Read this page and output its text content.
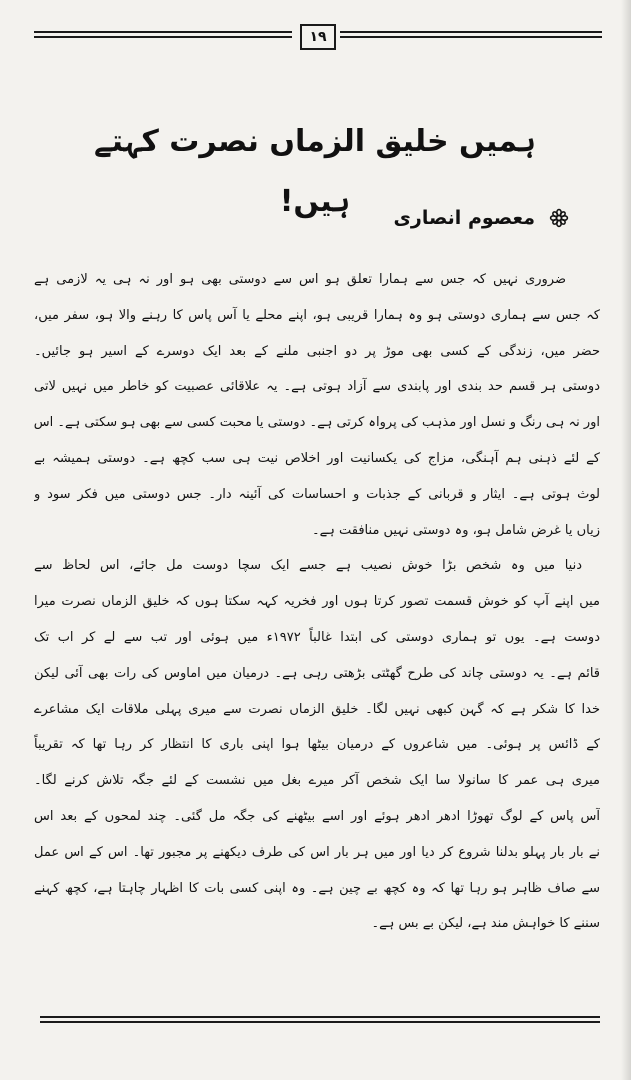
۱۹
ہمیں خلیق الزماں نصرت کہتے ہیں!	معصوم انصاری
ضروری نہیں کہ جس سے ہمارا تعلق ہو اس سے دوستی بھی ہو اور نہ ہی یہ لازمی ہے
کہ جس سے ہماری دوستی ہو وہ ہمارا قریبی ہو، اپنے محلے یا آس پاس کا رہنے والا ہو، سفر میں،
حضر میں، زندگی کے کسی بھی موڑ پر دو اجنبی ملنے کے بعد ایک دوسرے کے اسیر ہو جائیں۔
دوستی ہر قسم حد بندی اور پابندی سے آزاد ہوتی ہے۔ یہ علاقائی عصبیت کو خاطر میں نہیں لاتی
اور نہ ہی رنگ و نسل اور مذہب کی پرواہ کرتی ہے۔ دوستی یا محبت کسی سے بھی ہو سکتی ہے۔ اس
کے لئے ذہنی ہم آہنگی، مزاج کی یکسانیت اور اخلاص نیت ہی سب کچھ ہے۔ دوستی ہمیشہ بے
لوث ہوتی ہے۔ ایثار و قربانی کے جذبات و احساسات کی آئینہ دار۔ جس دوستی میں فکر سود و
زیاں یا غرض شامل ہو، وہ دوستی نہیں منافقت ہے۔
دنیا میں وہ شخص بڑا خوش نصیب ہے جسے ایک سچا دوست مل جائے، اس لحاظ سے
میں اپنے آپ کو خوش قسمت تصور کرتا ہوں اور فخریہ کہہ سکتا ہوں کہ خلیق الزماں نصرت میرا
دوست ہے۔ یوں تو ہماری دوستی کی ابتدا غالباً ۱۹۷۲ء میں ہوئی اور تب سے لے کر اب تک
قائم ہے۔ یہ دوستی چاند کی طرح گھٹتی بڑھتی رہی ہے۔ درمیان میں اماوس کی رات بھی آئی لیکن
خدا کا شکر ہے کہ گہن کبھی نہیں لگا۔ خلیق الزماں نصرت سے میری پہلی ملاقات ایک مشاعرے
کے ڈائس پر ہوئی۔ میں شاعروں کے درمیان بیٹھا ہوا اپنی باری کا انتظار کر رہا تھا کہ تقریباً
میری ہی عمر کا سانولا سا ایک شخص آکر میرے بغل میں نشست کے لئے جگہ تلاش کرنے لگا۔
آس پاس کے لوگ تھوڑا ادھر ادھر ہوئے اور اسے بیٹھنے کی جگہ مل گئی۔ چند لمحوں کے بعد اس
نے بار بار پہلو بدلنا شروع کر دیا اور میں ہر بار اس کی طرف دیکھنے پر مجبور تھا۔ اس کے اس عمل
سے صاف ظاہر ہو رہا تھا کہ وہ کچھ بے چین ہے۔ وہ اپنی کسی بات کا اظہار چاہتا ہے، کچھ کہنے
سننے کا خواہش مند ہے، لیکن بے بس ہے۔
